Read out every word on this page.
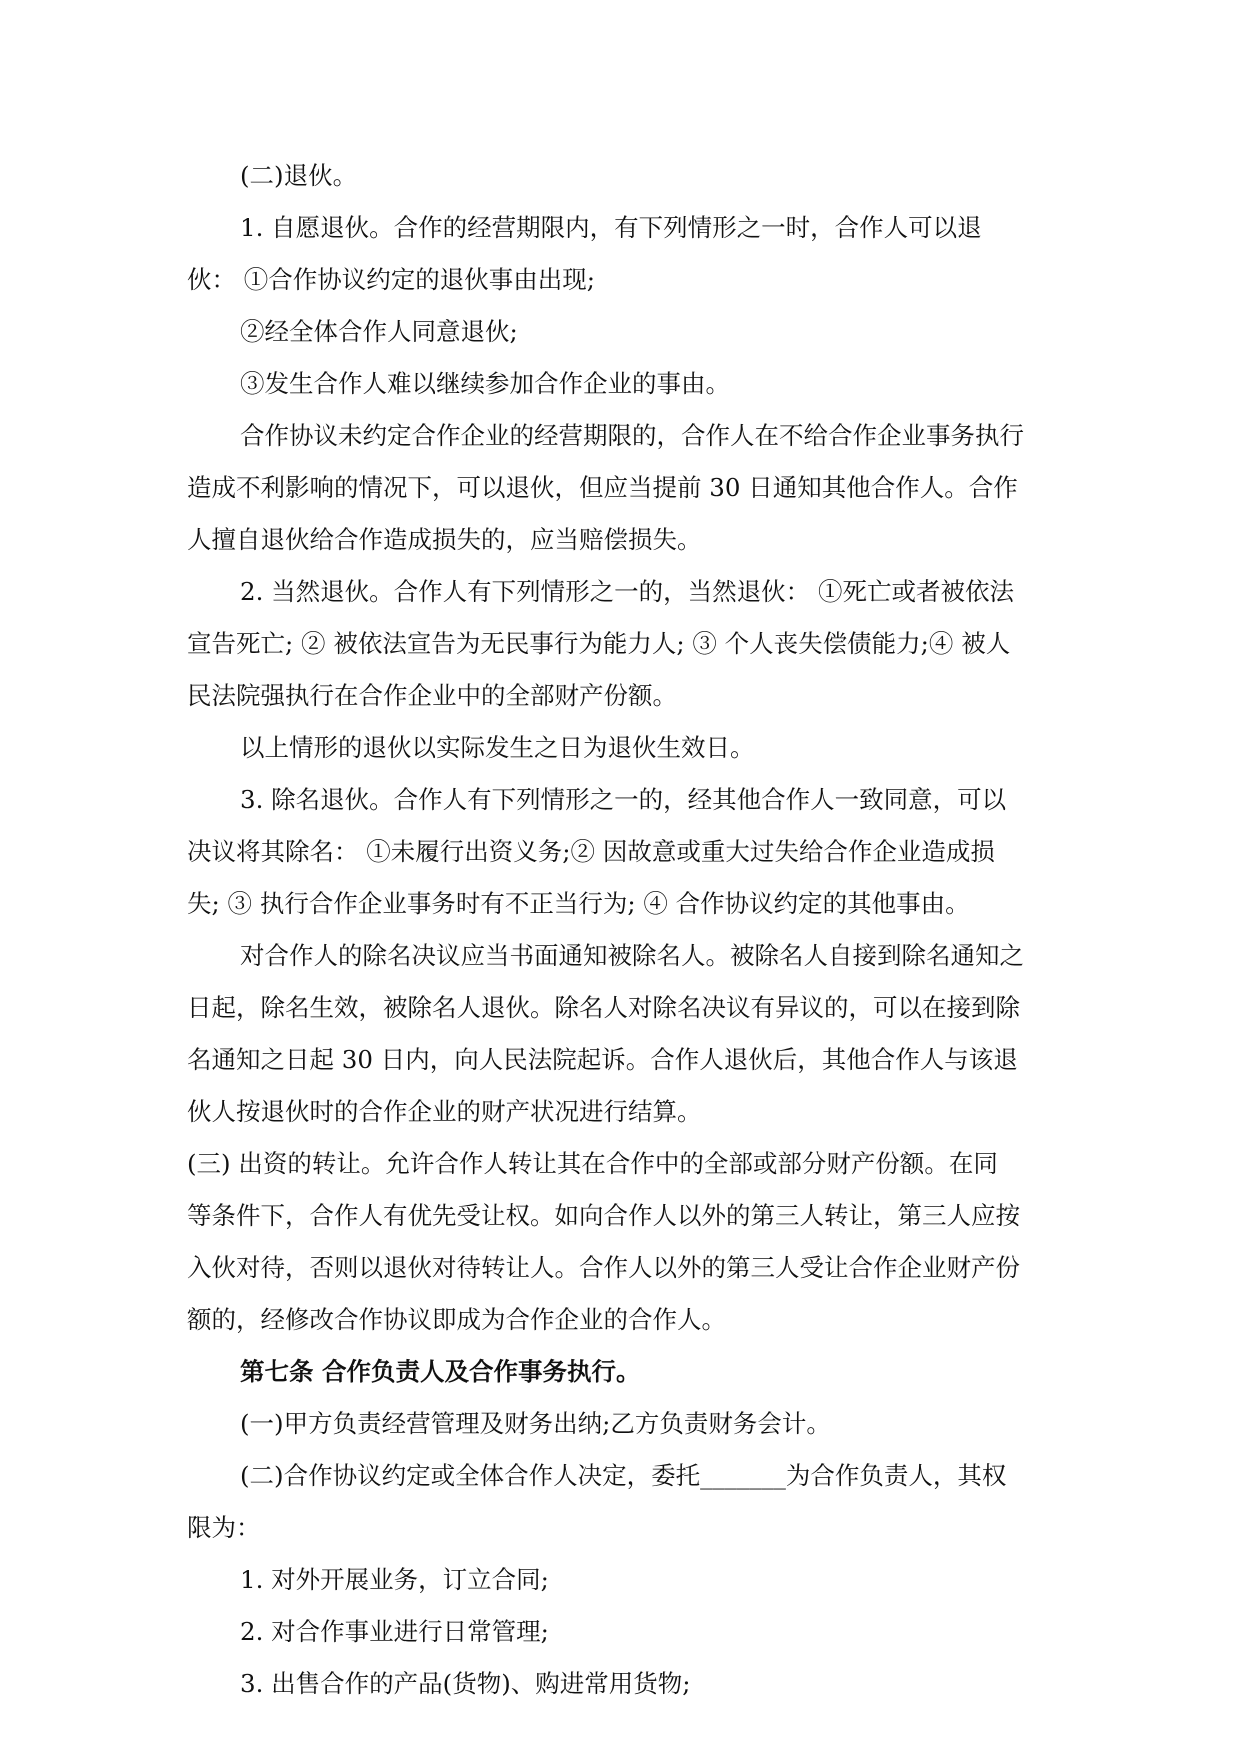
(二)退伙。

1. 自愿退伙。合作的经营期限内，有下列情形之一时，合作人可以退

伙： ①合作协议约定的退伙事由出现;

②经全体合作人同意退伙;

③发生合作人难以继续参加合作企业的事由。

合作协议未约定合作企业的经营期限的，合作人在不给合作企业事务执行

造成不利影响的情况下，可以退伙，但应当提前 30 日通知其他合作人。合作

人擅自退伙给合作造成损失的，应当赔偿损失。

2. 当然退伙。合作人有下列情形之一的，当然退伙： ①死亡或者被依法

宣告死亡; ② 被依法宣告为无民事行为能力人; ③ 个人丧失偿债能力;④ 被人

民法院强执行在合作企业中的全部财产份额。

以上情形的退伙以实际发生之日为退伙生效日。

3. 除名退伙。合作人有下列情形之一的，经其他合作人一致同意，可以

决议将其除名： ①未履行出资义务;② 因故意或重大过失给合作企业造成损

失; ③ 执行合作企业事务时有不正当行为; ④ 合作协议约定的其他事由。

对合作人的除名决议应当书面通知被除名人。被除名人自接到除名通知之

日起，除名生效，被除名人退伙。除名人对除名决议有异议的，可以在接到除

名通知之日起 30 日内，向人民法院起诉。合作人退伙后，其他合作人与该退

伙人按退伙时的合作企业的财产状况进行结算。

(三) 出资的转让。允许合作人转让其在合作中的全部或部分财产份额。在同

等条件下，合作人有优先受让权。如向合作人以外的第三人转让，第三人应按

入伙对待，否则以退伙对待转让人。合作人以外的第三人受让合作企业财产份

额的，经修改合作协议即成为合作企业的合作人。

第七条 合作负责人及合作事务执行。

(一)甲方负责经营管理及财务出纳;乙方负责财务会计。

(二)合作协议约定或全体合作人决定，委托_______为合作负责人，其权

限为：

1. 对外开展业务，订立合同;

2. 对合作事业进行日常管理;

3. 出售合作的产品(货物)、购进常用货物;
